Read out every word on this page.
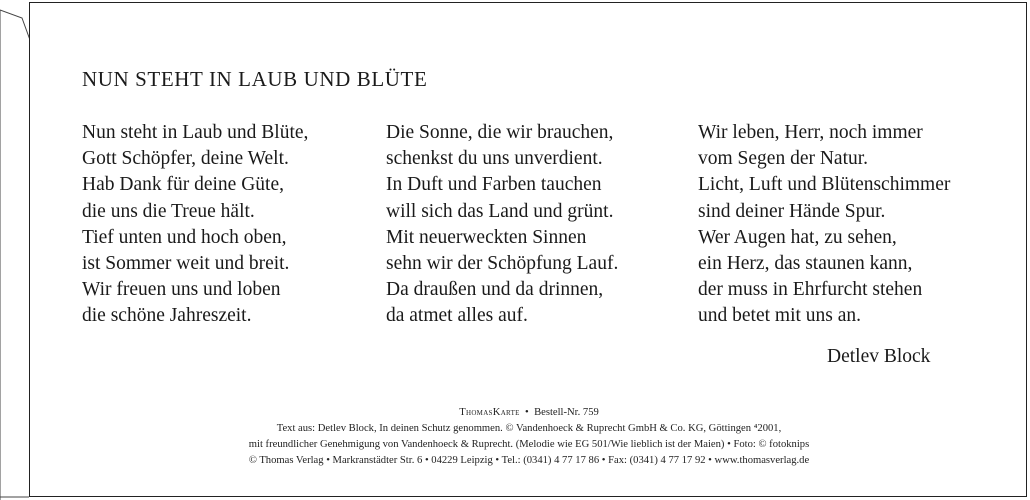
NUN STEHT IN LAUB UND BLÜTE
Nun steht in Laub und Blüte,
Gott Schöpfer, deine Welt.
Hab Dank für deine Güte,
die uns die Treue hält.
Tief unten und hoch oben,
ist Sommer weit und breit.
Wir freuen uns und loben
die schöne Jahreszeit.
Die Sonne, die wir brauchen,
schenkst du uns unverdient.
In Duft und Farben tauchen
will sich das Land und grünt.
Mit neuerweckten Sinnen
sehn wir der Schöpfung Lauf.
Da draußen und da drinnen,
da atmet alles auf.
Wir leben, Herr, noch immer
vom Segen der Natur.
Licht, Luft und Blütenschimmer
sind deiner Hände Spur.
Wer Augen hat, zu sehen,
ein Herz, das staunen kann,
der muss in Ehrfurcht stehen
und betet mit uns an.
Detlev Block
ThomasKarte • Bestell-Nr. 759
Text aus: Detlev Block, In deinen Schutz genommen. © Vandenhoeck & Ruprecht GmbH & Co. KG, Göttingen ⁴2001,
mit freundlicher Genehmigung von Vandenhoeck & Ruprecht. (Melodie wie EG 501/Wie lieblich ist der Maien) • Foto: © fotoknips
© Thomas Verlag • Markranstädter Str. 6 • 04229 Leipzig • Tel.: (0341) 4 77 17 86 • Fax: (0341) 4 77 17 92 • www.thomasverlag.de
